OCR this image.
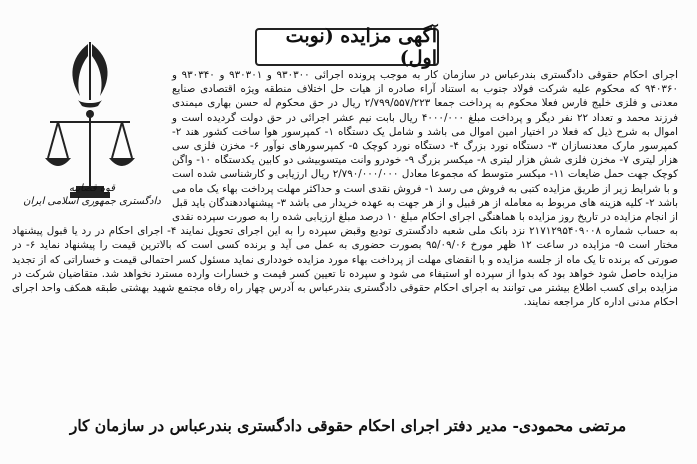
آگهی مزایده (نوبت اول)
قوه قضاییه
دادگستری جمهوری اسلامی ایران
اجرای احکام حقوقی دادگستری بندرعباس در سازمان کار به موجب پرونده اجرائی ۹۳۰۳۰۰ و ۹۳۰۳۰۱ و ۹۳۰۳۴۰ و ۹۴۰۳۶۰ که محکوم علیه شرکت فولاد جنوب به استناد آراء صادره از هیات حل اختلاف منطقه ویژه اقتصادی صنایع معدنی و فلزی خلیج فارس فعلا محکوم به پرداخت جمعا ۲/۷۹۹/۵۵۷/۲۲۳ ریال در حق محکوم له حسن بهاری میمندی فرزند محمد و تعداد ۲۲ نفر دیگر و پرداخت مبلغ ۴۰۰۰/۰۰۰ ریال بابت نیم عشر اجرائی در حق دولت گردیده است و اموال به شرح ذیل که فعلا در اختیار امین اموال می باشد و شامل یک دستگاه ۱- کمپرسور هوا ساخت کشور هند ۲- کمپرسور مارک معدنسازان ۳- دستگاه نورد بزرگ ۴- دستگاه نورد کوچک ۵- کمپرسورهای نوآور ۶- مخزن فلزی سی هزار لیتری ۷- مخزن فلزی شش هزار لیتری ۸- میکسر بزرگ ۹- خودرو وانت میتسوبیشی دو کابین یکدستگاه ۱۰- واگن کوچک جهت حمل ضایعات ۱۱- میکسر متوسط که مجموعا معادل ۲/۷۹۰/۰۰۰/۰۰۰ ریال ارزیابی و کارشناسی شده است و با شرایط زیر از طریق مزایده کتبی به فروش می رسد ۱- فروش نقدی است و حداکثر مهلت پرداخت بهاء یک ماه می باشد ۲- کلیه هزینه های مربوط به معامله از هر قبیل و از هر جهت به عهده خریدار می باشد ۳- پیشنهاددهندگان باید قبل از انجام مزایده در تاریخ روز مزایده با هماهنگی اجرای احکام مبلغ ۱۰ درصد مبلغ ارزیابی شده را به صورت سپرده نقدی به حساب شماره ۲۱۷۱۲۹۵۴۰۹۰۰۸ نزد بانک ملی شعبه دادگستری تودیع وقبض سپرده را به این اجرای تحویل نمایند ۴- اجرای احکام در رد یا قبول پیشنهاد مختار است ۵- مزایده در ساعت ۱۲ ظهر مورخ ۹۵/۰۹/۰۶ بصورت حضوری به عمل می آید و برنده کسی است که بالاترین قیمت را پیشنهاد نماید ۶- در صورتی که برنده تا یک ماه از جلسه مزایده و با انقضای مهلت از پرداخت بهاء مورد مزایده خودداری نماید مسئول کسر احتمالی قیمت و خساراتی که از تجدید مزایده حاصل شود خواهد بود که بدوا از سپرده او استیفاء می شود و سپرده تا تعیین کسر قیمت و خسارات وارده مسترد نخواهد شد. متقاضیان شرکت در مزایده برای کسب اطلاع بیشتر می توانند به اجرای احکام حقوقی دادگستری بندرعباس به آدرس چهار راه رفاه مجتمع شهید بهشتی طبقه همکف واحد اجرای احکام مدنی اداره کار مراجعه نمایند.
مرتضی محمودی- مدیر دفتر اجرای احکام حقوقی دادگستری بندرعباس در سازمان کار
